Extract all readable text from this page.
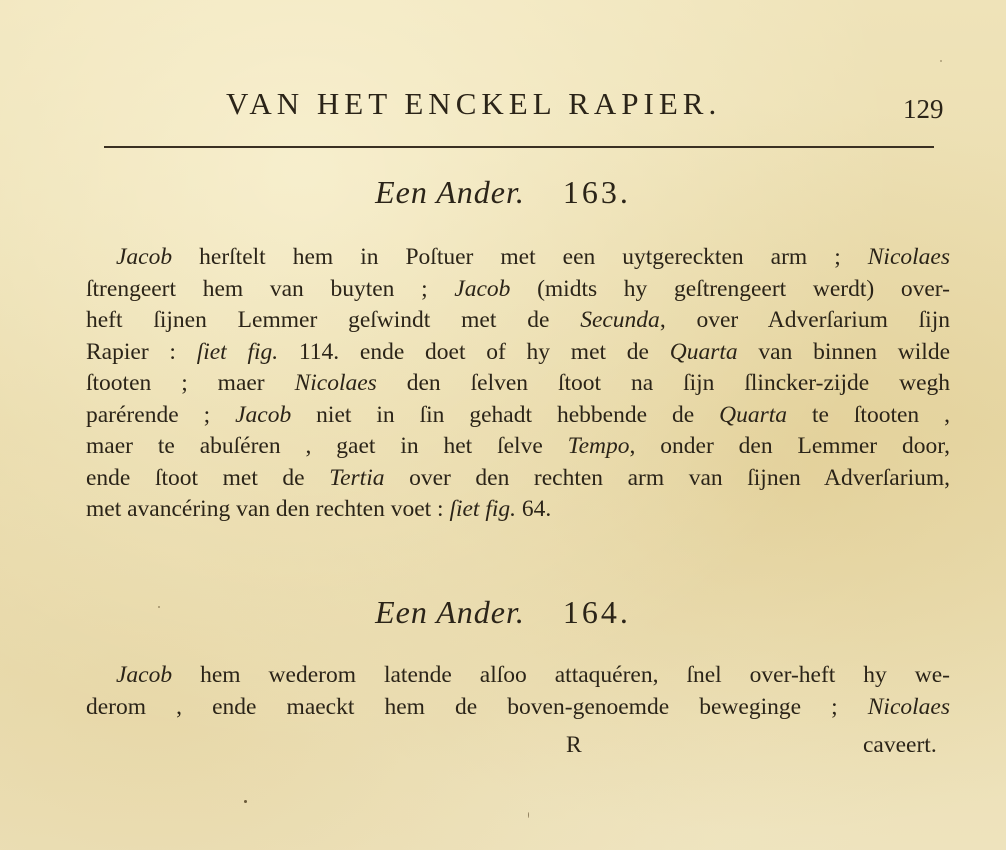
VAN HET ENCKEL RAPIER.	129
Een Ander. 163.
Jacob herſtelt hem in Poſtuer met een uytgereckten arm ; Nicolaes
ſtrengeert hem van buyten ; Jacob (midts hy geſtrengeert werdt) over-
heft ſijnen Lemmer geſwindt met de Secunda, over Adverſarium ſijn
Rapier : ſiet fig. 114. ende doet of hy met de Quarta van binnen wilde
ſtooten ; maer Nicolaes den ſelven ſtoot na ſijn ſlincker-zijde wegh
parérende ; Jacob niet in ſin gehadt hebbende de Quarta te ſtooten ,
maer te abuſéren , gaet in het ſelve Tempo, onder den Lemmer door,
ende ſtoot met de Tertia over den rechten arm van ſijnen Adverſarium,
met avancéring van den rechten voet : ſiet fig. 64.
Een Ander. 164.
Jacob hem wederom latende alſoo attaquéren, ſnel over-heft hy we-
derom , ende maeckt hem de boven-genoemde beweginge ; Nicolaes
R	caveert.
